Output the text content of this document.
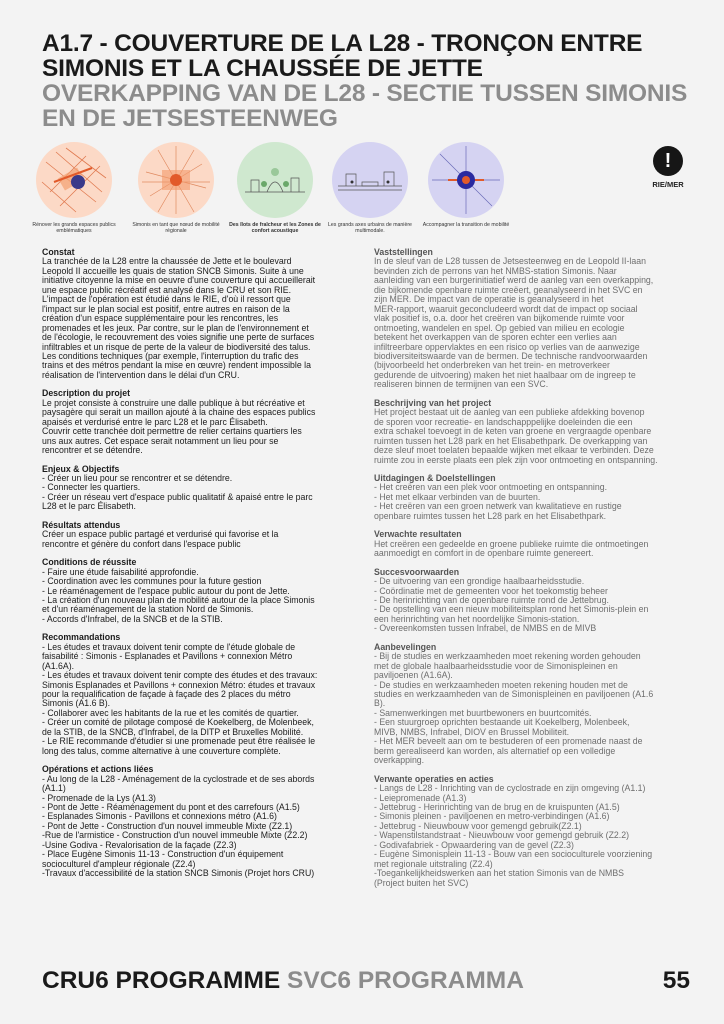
A1.7 - COUVERTURE DE LA L28 - TRONÇON ENTRE SIMONIS ET LA CHAUSSÉE DE JETTE
OVERKAPPING VAN DE L28 - SECTIE TUSSEN SIMONIS EN DE JETSESTEENWEG
Rénover les grands espaces publics emblématiques
Simonis en tant que nœud de mobilité régionale
Des îlots de fraîcheur et les Zones de confort acoustique
Les grands axes urbains de manière multimodale.
Accompagner la transition de mobilité
!
RIE/MER
Constat

La tranchée de la L28 entre la chaussée de Jette et le boulevard
Leopold II accueille les quais de station SNCB Simonis. Suite à une
initiative citoyenne la mise en oeuvre d'une couverture qui accueillerait
une espace public récréatif est analysé dans le CRU et son RIE.
L'impact de l'opération est étudié dans le RIE, d'où il ressort que
l'impact sur le plan social est positif, entre autres en raison de la
création d'un espace supplémentaire pour les rencontres, les
promenades et les jeux. Par contre, sur le plan de l'environnement et
de l'écologie, le recouvrement des voies signifie une perte de surfaces
infiltrables et un risque de perte de la valeur de biodiversité des talus.
Les conditions techniques (par exemple, l'interruption du trafic des
trains et des métros pendant la mise en œuvre) rendent impossible la
réalisation de l'intervention dans le délai d'un CRU.

Description du projet

Le projet consiste à construire une dalle publique à but récréative et
paysagère qui serait un maillon ajouté à la chaine des espaces publics
apaisés et verdurisé entre le parc L28 et le parc Élisabeth.
Couvrir cette tranchée doit permettre de relier certains quartiers les
uns aux autres. Cet espace serait notamment un lieu pour se
rencontrer et se détendre.

Enjeux & Objectifs

- Créer un lieu pour se rencontrer et se détendre.
- Connecter les quartiers.
- Créer un réseau vert d'espace public qualitatif & apaisé entre le parc
L28 et le parc Élisabeth.

Résultats attendus

Créer un espace public partagé et verdurisé qui favorise et la
rencontre et génère du confort dans l'espace public

Conditions de réussite

- Faire une étude faisabilité approfondie.
- Coordination avec les communes pour la future gestion
- Le réaménagement de l'espace public autour du pont de Jette.
- La création d'un nouveau plan de mobilité autour de la place Simonis
et d'un réaménagement de la station Nord de Simonis.
- Accords d'Infrabel, de la SNCB et de la STIB.

Recommandations

- Les études et travaux doivent tenir compte de l'étude globale de
faisabilité : Simonis - Esplanades et Pavillons + connexion Métro
(A1.6A).
- Les études et travaux doivent tenir compte des études et des travaux:
Simonis Esplanades et Pavillons + connexion Métro: études et travaux
pour la requalification de façade à façade des 2 places du métro
Simonis (A1.6 B).
- Collaborer avec les habitants de la rue et les comités de quartier.
- Créer un comité de pilotage composé de Koekelberg, de Molenbeek,
de la STIB, de la SNCB, d'Infrabel, de la DITP et Bruxelles Mobilité.
- Le RIE recommande d'étudier si une promenade peut être réalisée le
long des talus, comme alternative à une couverture complète.

Opérations et actions liées

- Au long de la L28 - Aménagement de la cyclostrade et de ses abords
(A1.1)
- Promenade de la Lys (A1.3)
- Pont de Jette - Réaménagement du pont et des carrefours (A1.5)
- Esplanades Simonis - Pavillons et connexions métro (A1.6)
- Pont de Jette - Construction d'un nouvel immeuble Mixte (Z2.1)
-Rue de l'armistice - Construction d'un nouvel immeuble Mixte (Z2.2)
-Usine Godiva - Revalorisation de la façade (Z2.3)
- Place Eugène Simonis 11-13 - Construction d'un équipement
socioculturel d'ampleur régionale (Z2.4)
-Travaux d'accessibilité de la station SNCB Simonis (Projet hors CRU)

Vaststellingen

In de sleuf van de L28 tussen de Jetsesteenweg en de Leopold II-laan
bevinden zich de perrons van het NMBS-station Simonis. Naar
aanleiding van een burgerinitiatief werd de aanleg van een overkapping,
die bijkomende openbare ruimte creëert, geanalyseerd in het SVC en
zijn MER. De impact van de operatie is geanalyseerd in het
MER-rapport, waaruit geconcludeerd wordt dat de impact op sociaal
vlak positief is, o.a. door het creëren van bijkomende ruimte voor
ontmoeting, wandelen en spel. Op gebied van milieu en ecologie
betekent het overkappen van de sporen echter een verlies aan
infiltreerbare oppervlaktes en een risico op verlies van de aanwezige
biodiversiteitswaarde van de bermen. De technische randvoorwaarden
(bijvoorbeeld het onderbreken van het trein- en metroverkeer
gedurende de uitvoering) maken het niet haalbaar om de ingreep te
realiseren binnen de termijnen van een SVC.

Beschrijving van het project

Het project bestaat uit de aanleg van een publieke afdekking bovenop
de sporen voor recreatie- en landschapppelijke doeleinden die een
extra schakel toevoegt in de keten van groene en vergraagde openbare
ruimten tussen het L28 park en het Elisabethpark. De overkapping van
deze sleuf moet toelaten bepaalde wijken met elkaar te verbinden. Deze
ruimte zou in eerste plaats een plek zijn voor ontmoeting en ontspanning.

Uitdagingen & Doelstellingen

- Het creëren van een plek voor ontmoeting en ontspanning.
- Het met elkaar verbinden van de buurten.
- Het creëren van een groen netwerk van kwalitatieve en rustige
openbare ruimtes tussen het L28 park en het Elisabethpark.

Verwachte resultaten

Het creëren een gedeelde en groene publieke ruimte die ontmoetingen
aanmoedigt en comfort in de openbare ruimte genereert.

Succesvoorwaarden

- De uitvoering van een grondige haalbaarheidsstudie.
- Coördinatie met de gemeenten voor het toekomstig beheer
- De herinrichting van de openbare ruimte rond de Jettebrug.
- De opstelling van een nieuw mobiliteitsplan rond het Simonis-plein en
een herinrichting van het noordelijke Simonis-station.
- Overeenkomsten tussen Infrabel, de NMBS en de MIVB

Aanbevelingen

- Bij de studies en werkzaamheden moet rekening worden gehouden
met de globale haalbaarheidsstudie voor de Simonispleinen en
paviljoenen (A1.6A).
- De studies en werkzaamheden moeten rekening houden met de
studies en werkzaamheden van de Simonispleinen en paviljoenen (A1.6
B).
- Samenwerkingen met buurtbewoners en buurtcomités.
- Een stuurgroep oprichten bestaande uit Koekelberg, Molenbeek,
MIVB, NMBS, Infrabel, DIOV en Brussel Mobiliteit.
- Het MER beveelt aan om te bestuderen of een promenade naast de
berm gerealiseerd kan worden, als alternatief op een volledige
overkapping.

Verwante operaties en acties

- Langs de L28 - Inrichting van de cyclostrade en zijn omgeving (A1.1)
- Leiepromenade (A1.3)
- Jettebrug - Herinrichting van de brug en de kruispunten (A1.5)
- Simonis pleinen - paviljoenen en metro-verbindingen (A1.6)
- Jettebrug - Nieuwbouw voor gemengd gebruik(Z2.1)
- Wapenstilstandstraat - Nieuwbouw voor gemengd gebruik (Z2.2)
- Godivafabriek - Opwaardering van de gevel (Z2.3)
- Eugène Simonisplein 11-13 - Bouw van een socioculturele voorziening
met regionale uitstraling (Z2.4)
-Toegankelijkheidswerken aan het station Simonis van de NMBS
(Project buiten het SVC)

CRU6 PROGRAMME SVC6 PROGRAMMA	55
